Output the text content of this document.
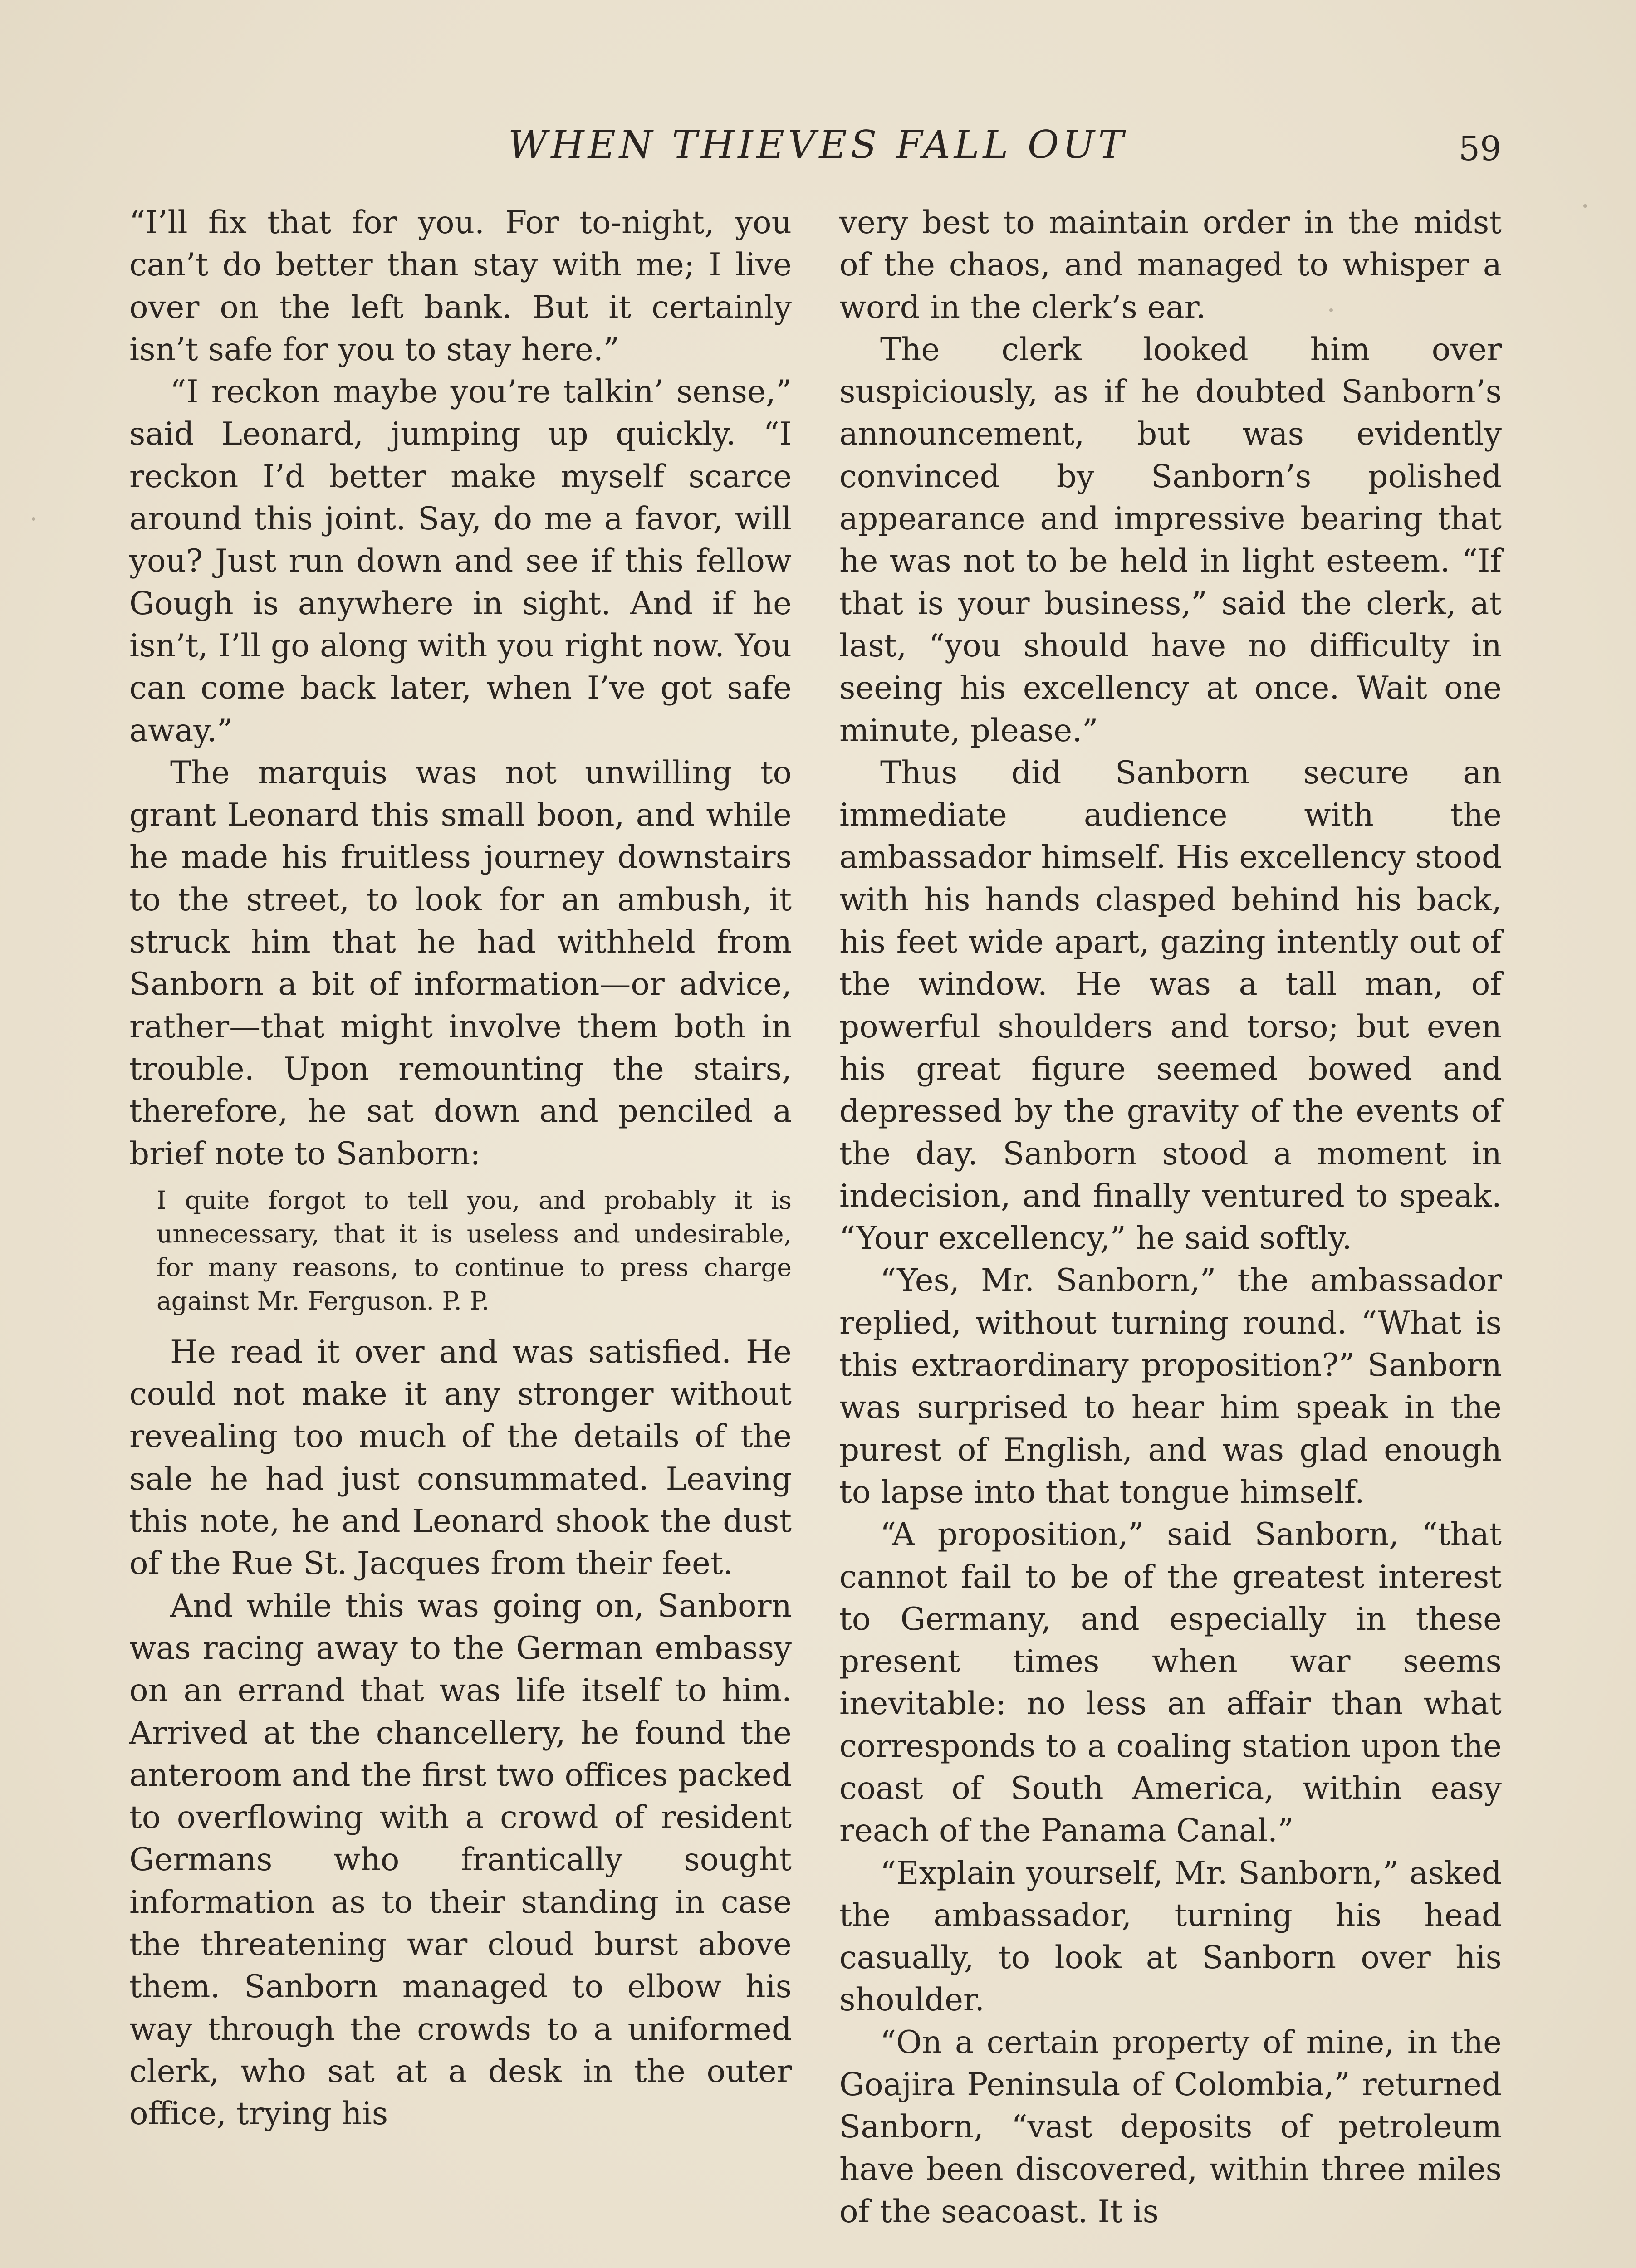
WHEN THIEVES FALL OUT	59

“I’ll fix that for you. For to-night, you can’t do better than stay with me; I live over on the left bank. But it certainly isn’t safe for you to stay here.”

“I reckon maybe you’re talkin’ sense,” said Leonard, jumping up quickly. “I reckon I’d better make myself scarce around this joint. Say, do me a favor, will you? Just run down and see if this fellow Gough is anywhere in sight. And if he isn’t, I’ll go along with you right now. You can come back later, when I’ve got safe away.”

The marquis was not unwilling to grant Leonard this small boon, and while he made his fruitless journey downstairs to the street, to look for an ambush, it struck him that he had withheld from Sanborn a bit of information—or advice, rather—that might involve them both in trouble. Upon remounting the stairs, therefore, he sat down and penciled a brief note to Sanborn:

I quite forgot to tell you, and probably it is unnecessary, that it is useless and undesirable, for many reasons, to continue to press charge against Mr. Ferguson. P. P.

He read it over and was satisfied. He could not make it any stronger without revealing too much of the details of the sale he had just consummated. Leaving this note, he and Leonard shook the dust of the Rue St. Jacques from their feet.

And while this was going on, Sanborn was racing away to the German embassy on an errand that was life itself to him. Arrived at the chancellery, he found the anteroom and the first two offices packed to overflowing with a crowd of resident Germans who frantically sought information as to their standing in case the threatening war cloud burst above them. Sanborn managed to elbow his way through the crowds to a uniformed clerk, who sat at a desk in the outer office, trying his

very best to maintain order in the midst of the chaos, and managed to whisper a word in the clerk’s ear.

The clerk looked him over suspiciously, as if he doubted Sanborn’s announcement, but was evidently convinced by Sanborn’s polished appearance and impressive bearing that he was not to be held in light esteem. “If that is your business,” said the clerk, at last, “you should have no difficulty in seeing his excellency at once. Wait one minute, please.”

Thus did Sanborn secure an immediate audience with the ambassador himself. His excellency stood with his hands clasped behind his back, his feet wide apart, gazing intently out of the window. He was a tall man, of powerful shoulders and torso; but even his great figure seemed bowed and depressed by the gravity of the events of the day. Sanborn stood a moment in indecision, and finally ventured to speak. “Your excellency,” he said softly.

“Yes, Mr. Sanborn,” the ambassador replied, without turning round. “What is this extraordinary proposition?” Sanborn was surprised to hear him speak in the purest of English, and was glad enough to lapse into that tongue himself.

“A proposition,” said Sanborn, “that cannot fail to be of the greatest interest to Germany, and especially in these present times when war seems inevitable: no less an affair than what corresponds to a coaling station upon the coast of South America, within easy reach of the Panama Canal.”

“Explain yourself, Mr. Sanborn,” asked the ambassador, turning his head casually, to look at Sanborn over his shoulder.

“On a certain property of mine, in the Goajira Peninsula of Colombia,” returned Sanborn, “vast deposits of petroleum have been discovered, within three miles of the seacoast. It is
